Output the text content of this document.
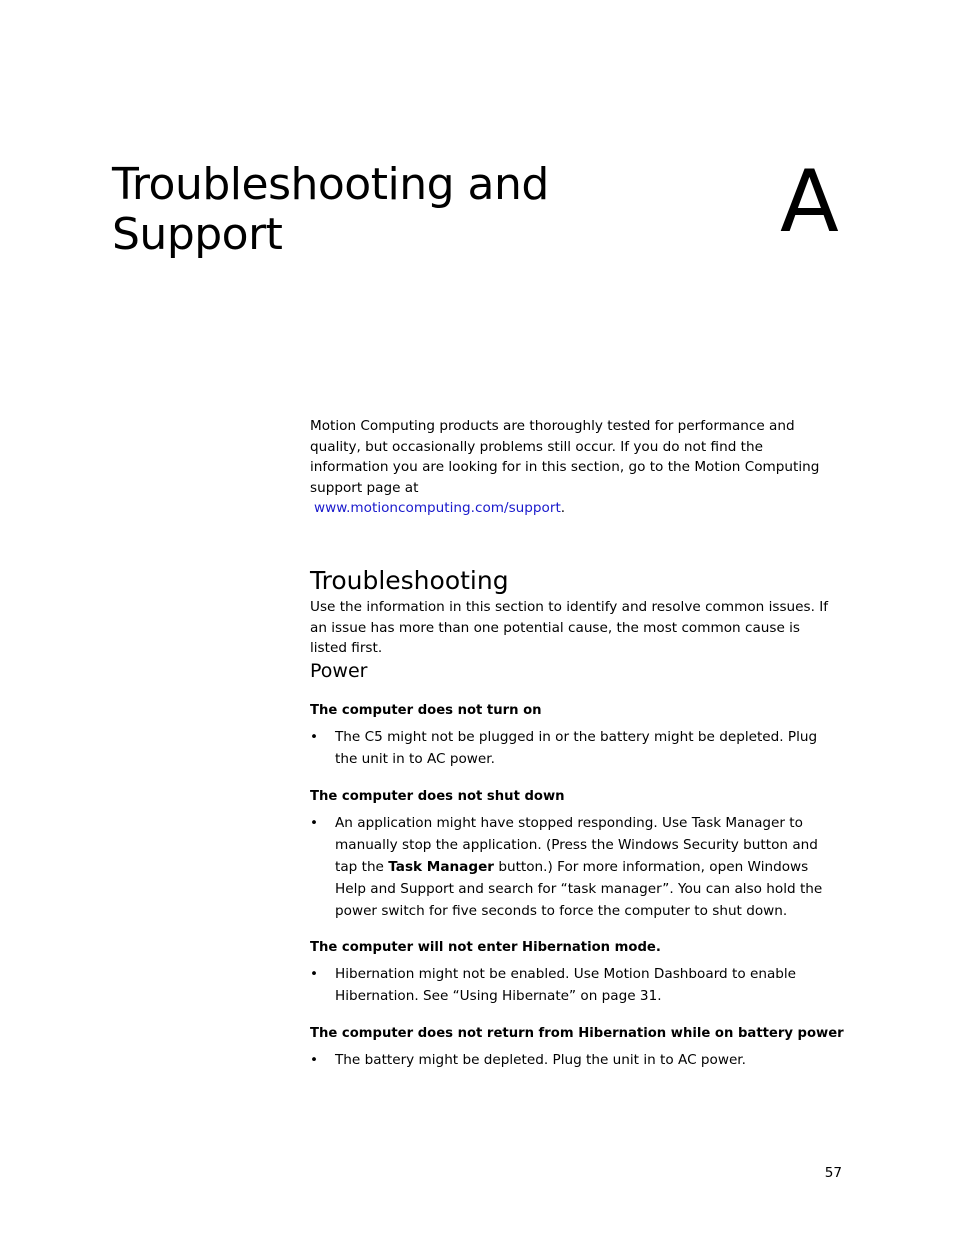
Troubleshooting and
Support	A

Motion Computing products are thoroughly tested for performance and quality, but occasionally problems still occur. If you do not find the information you are looking for in this section, go to the Motion Computing support page at
www.motioncomputing.com/support.

Troubleshooting

Use the information in this section to identify and resolve common issues. If an issue has more than one potential cause, the most common cause is listed first.

Power

The computer does not turn on

• The C5 might not be plugged in or the battery might be depleted. Plug the unit in to AC power.

The computer does not shut down

• An application might have stopped responding. Use Task Manager to manually stop the application. (Press the Windows Security button and tap the Task Manager button.) For more information, open Windows Help and Support and search for “task manager”. You can also hold the power switch for five seconds to force the computer to shut down.

The computer will not enter Hibernation mode.

• Hibernation might not be enabled. Use Motion Dashboard to enable Hibernation. See “Using Hibernate” on page 31.

The computer does not return from Hibernation while on battery power

• The battery might be depleted. Plug the unit in to AC power.
57
